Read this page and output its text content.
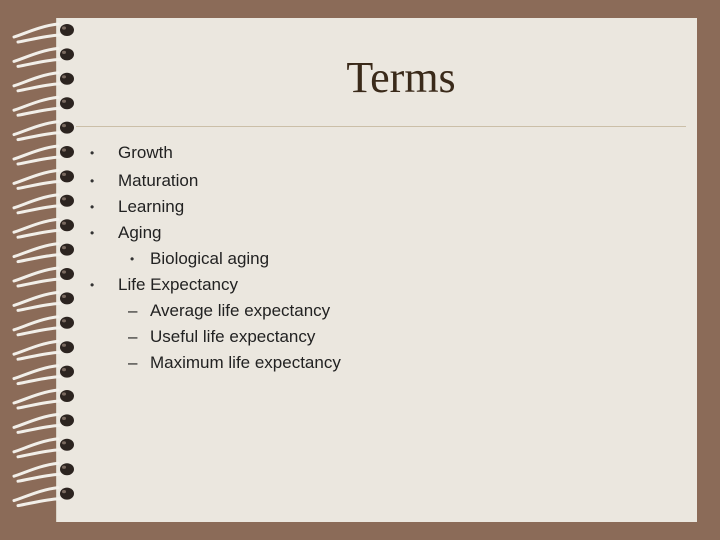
Terms
• Growth
• Maturation
• Learning
• Aging
• Biological aging
• Life Expectancy
– Average life expectancy
– Useful life expectancy
– Maximum life expectancy
